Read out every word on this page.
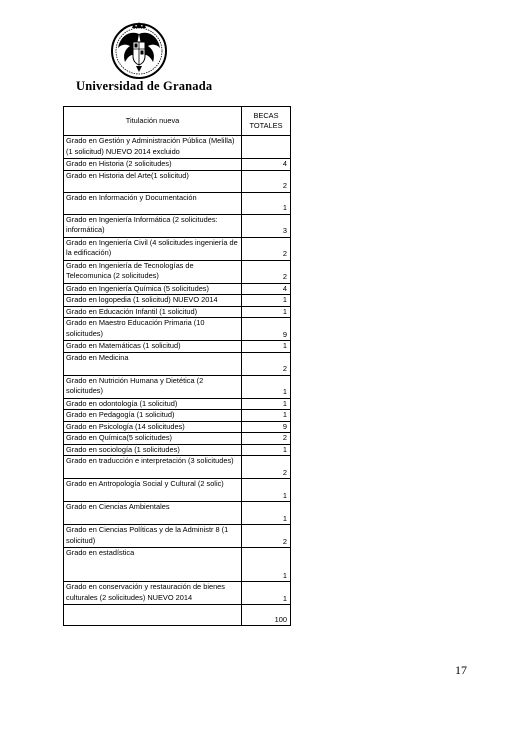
Universidad de Granada
Titulación nueva	BECAS TOTALES
Grado en Gestión y Administración Pública (Melilla) (1 solicitud) NUEVO 2014 excluido	
Grado en Historia (2 solicitudes)	4
Grado en Historia del Arte(1 solicitud)	2
Grado en Información y Documentación	1
Grado en Ingeniería Informática (2 solicitudes: informática)	3
Grado en Ingeniería Civil (4 solicitudes ingeniería de la edificación)	2
Grado en Ingeniería de Tecnologías de Telecomunica (2 solicitudes)	2
Grado en Ingeniería Química (5 solicitudes)	4
Grado en logopedia (1 solicitud) NUEVO 2014	1
Grado en Educación Infantil (1 solicitud)	1
Grado en Maestro Educación Primaria (10 solicitudes)	9
Grado en Matemáticas (1 solicitud)	1
Grado en Medicina	2
Grado en Nutrición Humana y Dietética (2 solicitudes)	1
Grado en odontología (1 solicitud)	1
Grado en Pedagogía (1 solicitud)	1
Grado en Psicología (14 solicitudes)	9
Grado en Química(5 solicitudes)	2
Grado en sociología (1 solicitudes)	1
Grado en traducción e interpretación (3 solicitudes)	2
Grado en Antropología Social y Cultural (2 solic)	1
Grado en Ciencias Ambientales	1
Grado en Ciencias Políticas y de la Administr 8 (1 solicitud)	2
Grado en estadística	1
Grado en conservación y restauración de bienes culturales (2 solicitudes) NUEVO 2014	1
	100
17
